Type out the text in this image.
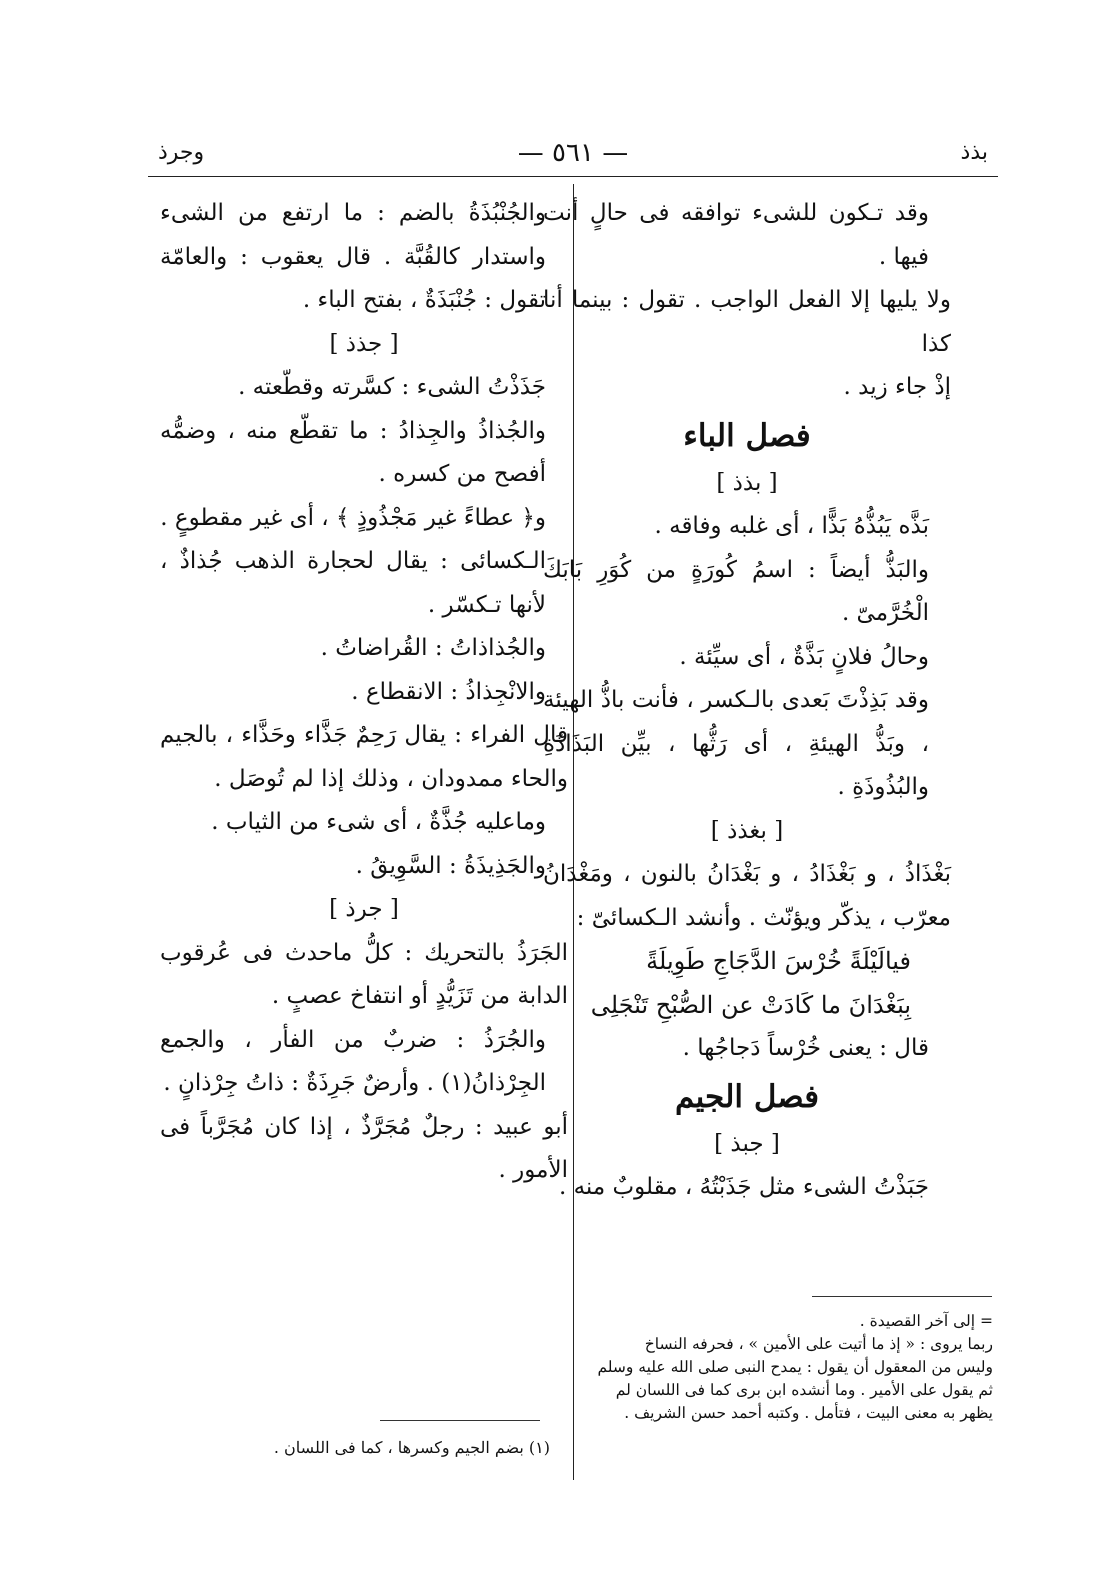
بذذ
— ٥٦١ —
وجرذ

وقد تـكون للشىء توافقه فى حالٍ أنت فيها .

ولا يليها إلا الفعل الواجب . تقول : بينما أنا كذا

إذْ جاء زيد .

فصل الباء

[ بذذ ]

بَذَّه يَبُذُّهُ بَذًّا ، أى غلبه وفاقه .

والبَذُّ أيضاً : اسمُ كُورَةٍ من كُوَرِ بَابَكَ الْخُرَّمىّ .

وحالُ فلانٍ بَذَّةٌ ، أى سيِّئة .

وقد بَذِذْتَ بَعدى بالـكسر ، فأنت باذُّ الهيئة ، وبَذُّ الهيئةِ ، أى رَثُّها ، بيِّن البَذَاذَةِ والبُذُوذَةِ .

[ بغذذ ]

بَغْذَاذُ ، و بَغْذَادُ ، و بَغْدَانُ بالنون ، ومَغْدَانُ معرّب ، يذكّر ويؤنّث . وأنشد الـكسائىّ :

فيالَيْلَةً خُرْسَ الدَّجَاجِ طَوِيلَةً

بِبَغْدَانَ ما كَادَتْ عن الصُّبْحِ تَنْجَلِى

قال : يعنى خُرْساً دَجاجُها .

فصل الجيم

[ جبذ ]

جَبَذْتُ الشىء مثل جَذَبْتُهُ ، مقلوبٌ منه .

= إلى آخر القصيدة .

ربما يروى : « إذ ما أتيت على الأمين » ، فحرفه النساخ

وليس من المعقول أن يقول : يمدح النبى صلى الله عليه وسلم

ثم يقول على الأمير . وما أنشده ابن برى كما فى اللسان لم

يظهر به معنى البيت ، فتأمل . وكتبه أحمد حسن الشريف .

والجُنْبُذَةُ بالضم : ما ارتفع من الشىء واستدار كالقُبَّة . قال يعقوب : والعامّة تقول : جُنْبَذَةٌ ، بفتح الباء .

[ جذذ ]

جَذَذْتُ الشىء : كسَّرته وقطّعته .

والجُذاذُ والجِذادُ : ما تقطّع منه ، وضمُّه أفصح من كسره .

و﴿ عطاءً غير مَجْذُوذٍ ﴾ ، أى غير مقطوعٍ .

الـكسائى : يقال لحجارة الذهب جُذاذٌ ، لأنها تـكسّر .

والجُذاذاتُ : القُراضاتُ .

والانْجِذاذُ : الانقطاع .

قال الفراء : يقال رَحِمٌ جَذَّاء وحَذَّاء ، بالجيم والحاء ممدودان ، وذلك إذا لم تُوصَل .

وماعليه جُذَّةٌ ، أى شىء من الثياب .

والجَذِيذَةُ : السَّوِيقُ .

[ جرذ ]

الجَرَذُ بالتحريك : كلُّ ماحدث فى عُرقوب الدابة من تَزَيُّدٍ أو انتفاخ عصبٍ .

والجُرَذُ : ضربٌ من الفأر ، والجمع الجِرْذانُ(١) . وأرضٌ جَرِذَةٌ : ذاتُ جِرْذانٍ .

أبو عبيد : رجلٌ مُجَرَّذٌ ، إذا كان مُجَرَّباً فى الأمور .

(١) بضم الجيم وكسرها ، كما فى اللسان .
